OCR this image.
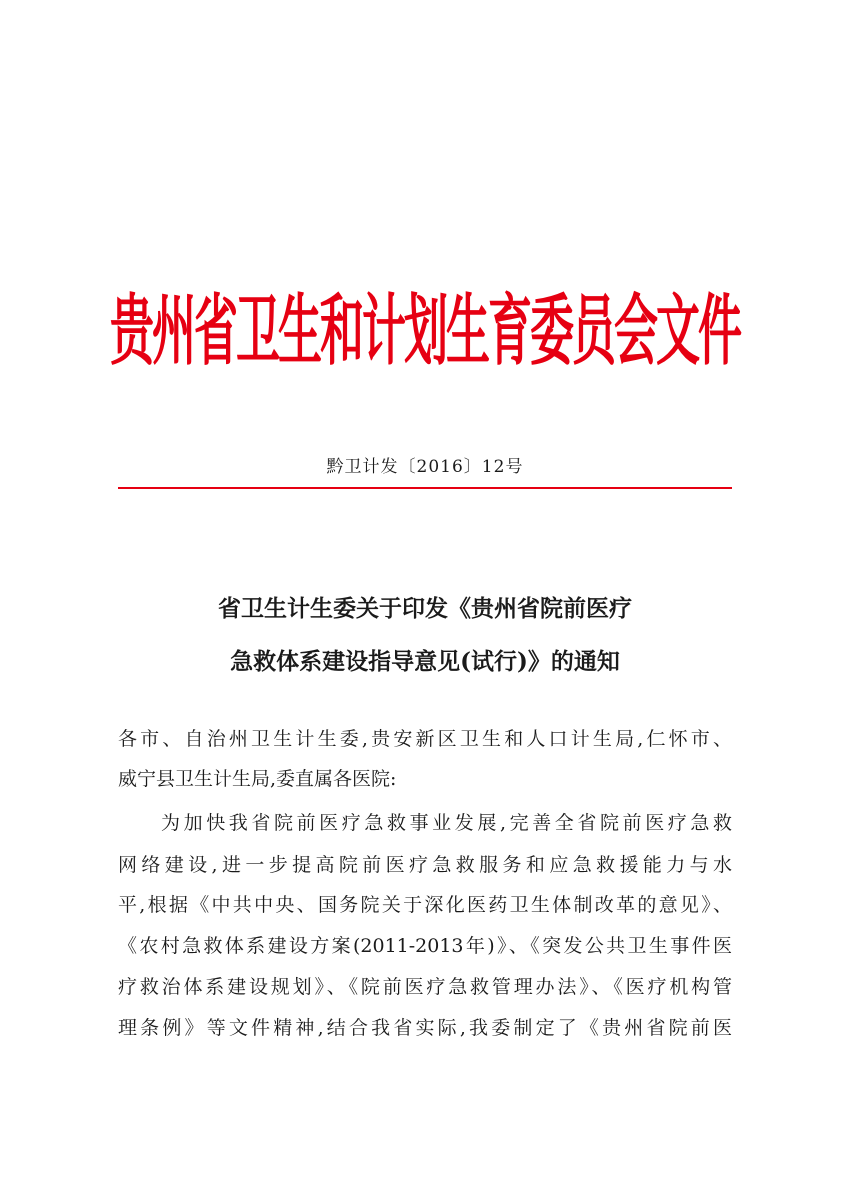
贵州省卫生和计划生育委员会文件
黔卫计发〔2016〕12号
省卫生计生委关于印发《贵州省院前医疗
急救体系建设指导意见(试行)》的通知
各市、自治州卫生计生委,贵安新区卫生和人口计生局,仁怀市、
威宁县卫生计生局,委直属各医院:
为加快我省院前医疗急救事业发展,完善全省院前医疗急救
网络建设,进一步提高院前医疗急救服务和应急救援能力与水
平,根据《中共中央、国务院关于深化医药卫生体制改革的意见》、
《农村急救体系建设方案(2011-2013年)》、《突发公共卫生事件医
疗救治体系建设规划》、《院前医疗急救管理办法》、《医疗机构管
理条例》等文件精神,结合我省实际,我委制定了《贵州省院前医
